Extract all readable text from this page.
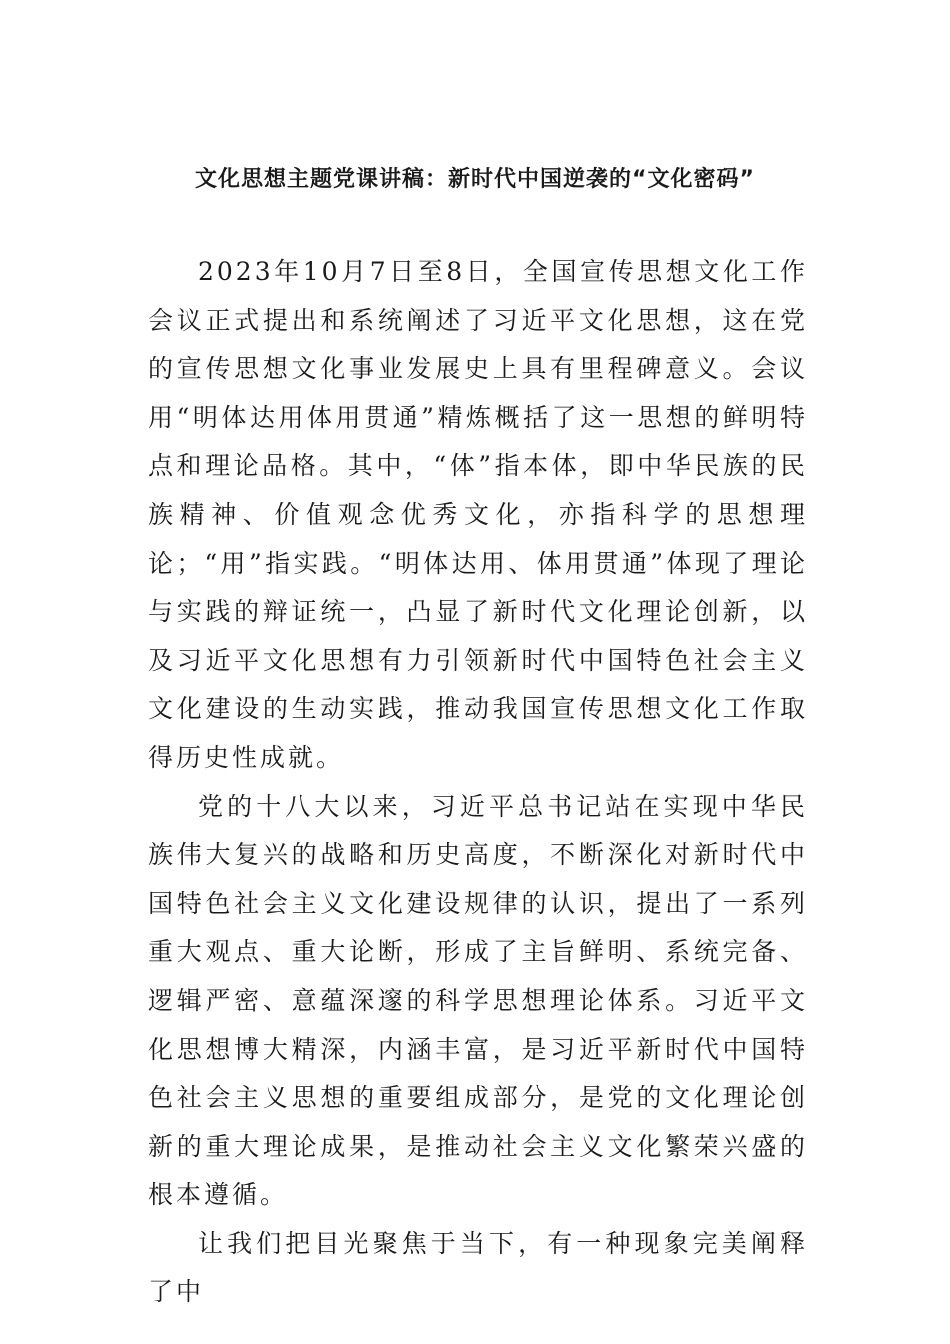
文化思想主题党课讲稿：新时代中国逆袭的“文化密码”

2023年10月7日至8日，全国宣传思想文化工作会议正式提出和系统阐述了习近平文化思想，这在党的宣传思想文化事业发展史上具有里程碑意义。会议用“明体达用体用贯通”精炼概括了这一思想的鲜明特点和理论品格。其中，“体”指本体，即中华民族的民族精神、价值观念优秀文化，亦指科学的思想理论；“用”指实践。“明体达用、体用贯通”体现了理论与实践的辩证统一，凸显了新时代文化理论创新，以及习近平文化思想有力引领新时代中国特色社会主义文化建设的生动实践，推动我国宣传思想文化工作取得历史性成就。

党的十八大以来，习近平总书记站在实现中华民族伟大复兴的战略和历史高度，不断深化对新时代中国特色社会主义文化建设规律的认识，提出了一系列重大观点、重大论断，形成了主旨鲜明、系统完备、逻辑严密、意蕴深邃的科学思想理论体系。习近平文化思想博大精深，内涵丰富，是习近平新时代中国特色社会主义思想的重要组成部分，是党的文化理论创新的重大理论成果，是推动社会主义文化繁荣兴盛的根本遵循。

让我们把目光聚焦于当下，有一种现象完美阐释了中
